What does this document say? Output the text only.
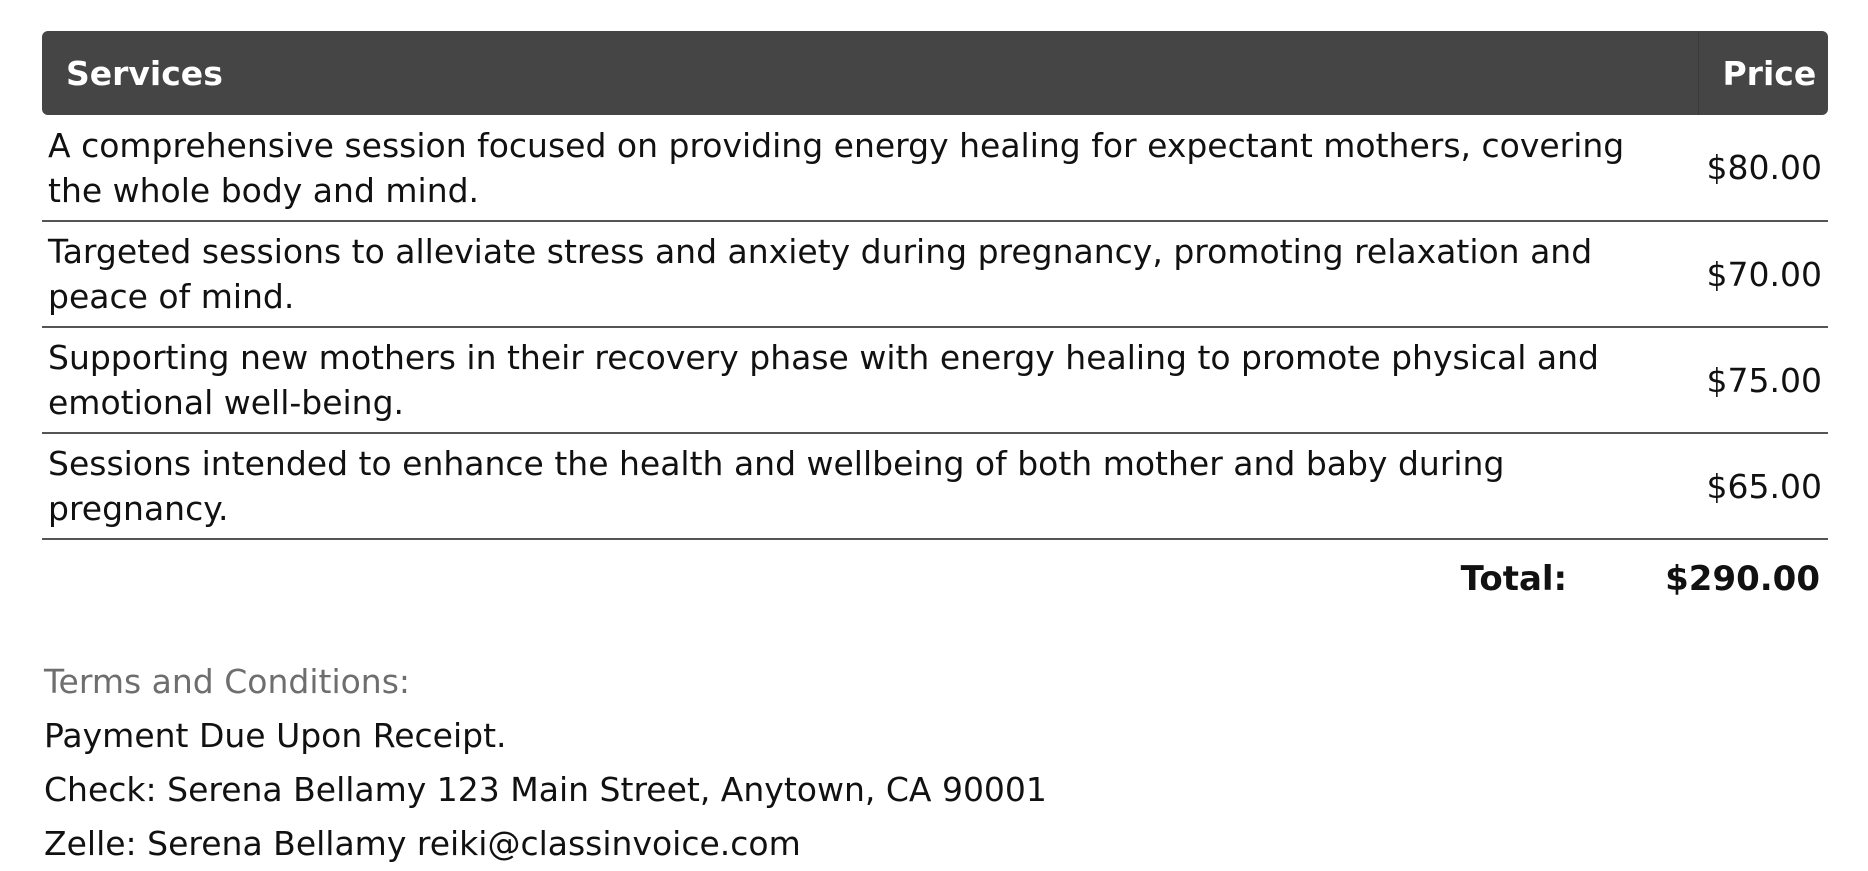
Services	Price
A comprehensive session focused on providing energy healing for expectant mothers, covering the whole body and mind.	$80.00
Targeted sessions to alleviate stress and anxiety during pregnancy, promoting relaxation and peace of mind.	$70.00
Supporting new mothers in their recovery phase with energy healing to promote physical and emotional well-being.	$75.00
Sessions intended to enhance the health and wellbeing of both mother and baby during pregnancy.	$65.00
Total:	$290.00
Terms and Conditions:
Payment Due Upon Receipt.
Check: Serena Bellamy 123 Main Street, Anytown, CA 90001
Zelle: Serena Bellamy reiki@classinvoice.com
